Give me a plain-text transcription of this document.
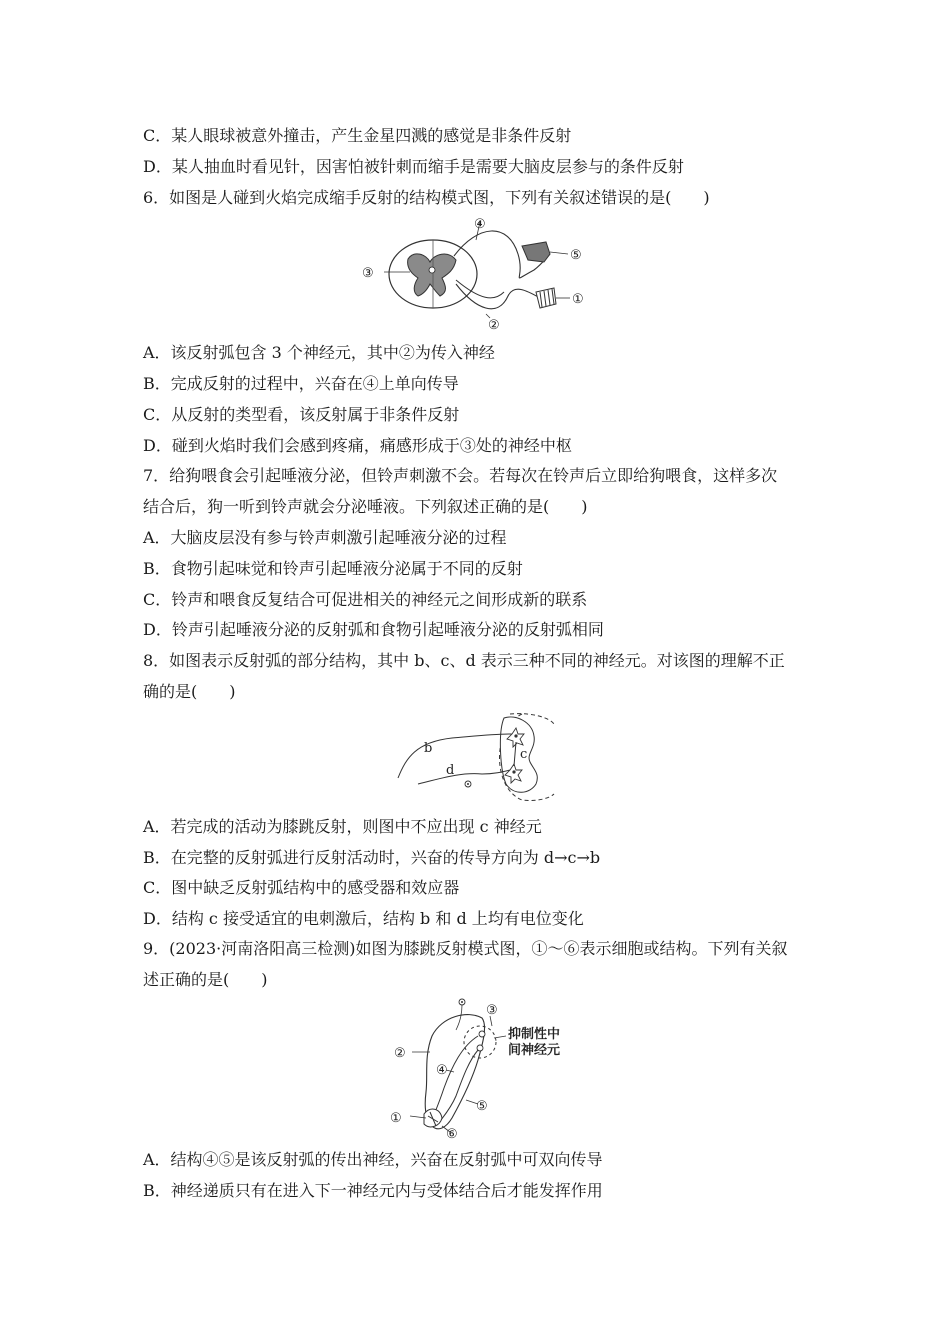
C．某人眼球被意外撞击，产生金星四溅的感觉是非条件反射
D．某人抽血时看见针，因害怕被针刺而缩手是需要大脑皮层参与的条件反射
6．如图是人碰到火焰完成缩手反射的结构模式图，下列有关叙述错误的是(　　)
④
③
⑤
①
②
A．该反射弧包含 3 个神经元，其中②为传入神经
B．完成反射的过程中，兴奋在④上单向传导
C．从反射的类型看，该反射属于非条件反射
D．碰到火焰时我们会感到疼痛，痛感形成于③处的神经中枢
7．给狗喂食会引起唾液分泌，但铃声刺激不会。若每次在铃声后立即给狗喂食，这样多次
结合后，狗一听到铃声就会分泌唾液。下列叙述正确的是(　　)
A．大脑皮层没有参与铃声刺激引起唾液分泌的过程
B．食物引起味觉和铃声引起唾液分泌属于不同的反射
C．铃声和喂食反复结合可促进相关的神经元之间形成新的联系
D．铃声引起唾液分泌的反射弧和食物引起唾液分泌的反射弧相同
8．如图表示反射弧的部分结构，其中 b、c、d 表示三种不同的神经元。对该图的理解不正
确的是(　　)
b	c
d
A．若完成的活动为膝跳反射，则图中不应出现 c 神经元
B．在完整的反射弧进行反射活动时，兴奋的传导方向为 d→c→b
C．图中缺乏反射弧结构中的感受器和效应器
D．结构 c 接受适宜的电刺激后，结构 b 和 d 上均有电位变化
9．(2023·河南洛阳高三检测)如图为膝跳反射模式图，①～⑥表示细胞或结构。下列有关叙
述正确的是(　　)
③
抑制性中
间神经元
②
④
⑤
①
⑥
A．结构④⑤是该反射弧的传出神经，兴奋在反射弧中可双向传导
B．神经递质只有在进入下一神经元内与受体结合后才能发挥作用
